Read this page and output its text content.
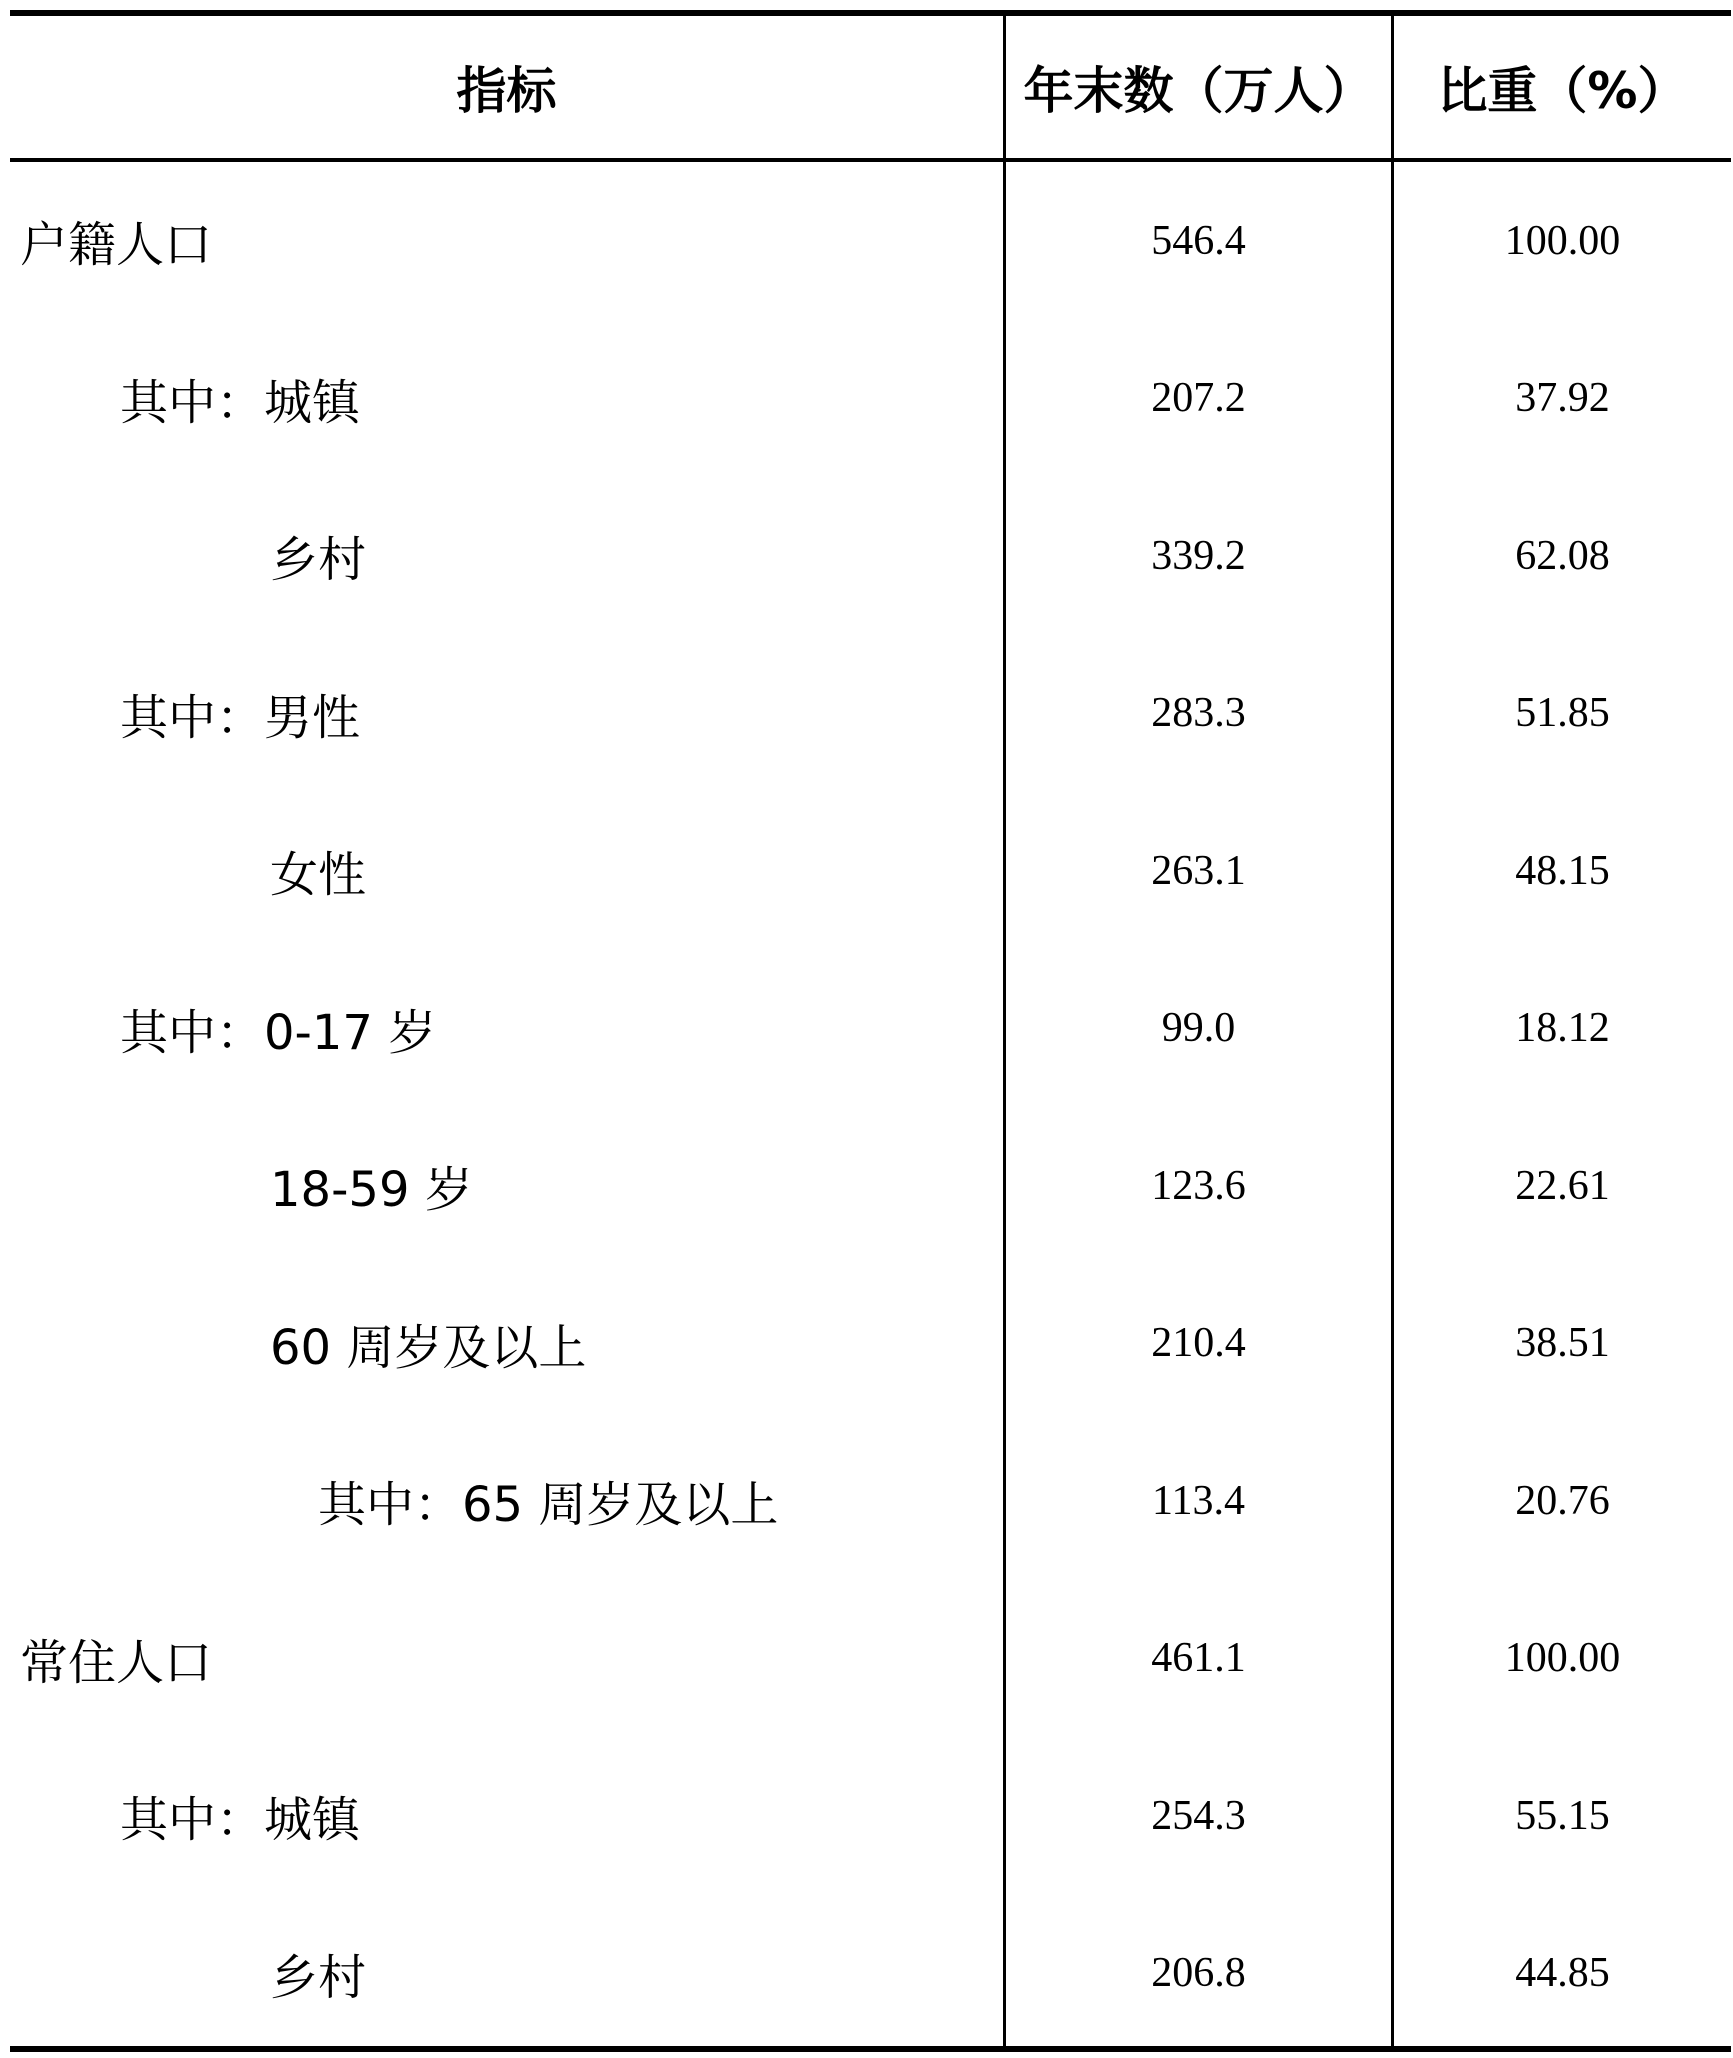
指标	年末数（万人）	比重（%）
户籍人口	546.4	100.00
其中：城镇	207.2	37.92
乡村	339.2	62.08
其中：男性	283.3	51.85
女性	263.1	48.15
其中：0-17 岁	99.0	18.12
18-59 岁	123.6	22.61
60 周岁及以上	210.4	38.51
其中：65 周岁及以上	113.4	20.76
常住人口	461.1	100.00
其中：城镇	254.3	55.15
乡村	206.8	44.85
